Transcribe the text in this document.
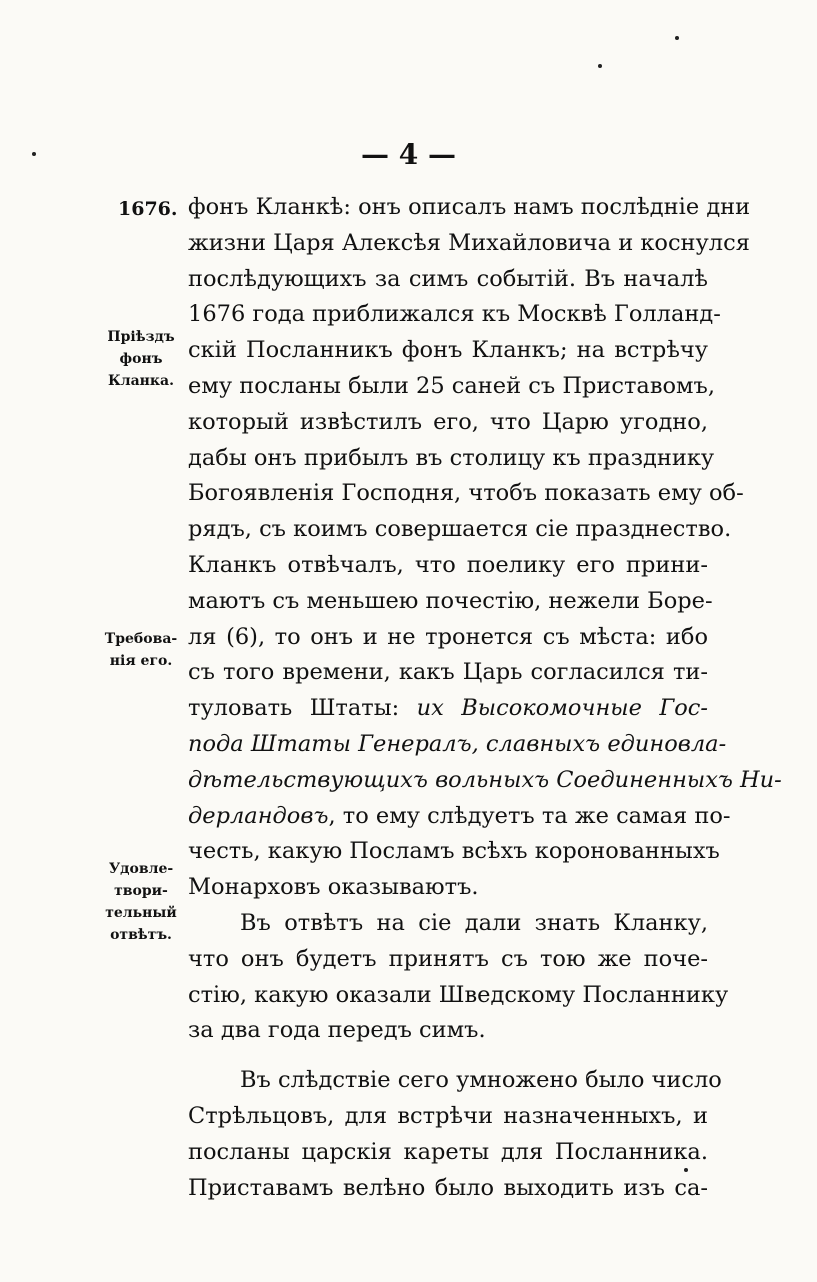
— 4 —
1676.
Прiѣздъ
фонъ
Кланка.
Требова-
нія его.
Удовле-
твори-
тельный
отвѣтъ.
фонъ Кланкѣ: онъ описалъ намъ послѣдніе дни
жизни Царя Алексѣя Михайловича и коснулся
послѣдующихъ за симъ событій. Въ началѣ
1676 года приближался къ Москвѣ Голланд-
скій Посланникъ фонъ Кланкъ; на встрѣчу
ему посланы были 25 саней съ Приставомъ,
который извѣстилъ его, что Царю угодно,
дабы онъ прибылъ въ столицу къ празднику
Богоявленія Господня, чтобъ показать ему об-
рядъ, съ коимъ совершается сіе празднество.
Кланкъ отвѣчалъ, что поелику его прини-
маютъ съ меньшею почестію, нежели Боре-
ля (6), то онъ и не тронется съ мѣста: ибо
съ того времени, какъ Царь согласился ти-
туловать Штаты: их Высокомочные Гос-
пода Штаты Генералъ, славныхъ единовла-
дѣтельствующихъ вольныхъ Соединенныхъ Ни-
дерландовъ, то ему слѣдуетъ та же самая по-
честь, какую Посламъ всѣхъ коронованныхъ
Монарховъ оказываютъ.
Въ отвѣтъ на сіе дали знать Кланку,
что онъ будетъ принятъ съ тою же поче-
стію, какую оказали Шведскому Посланнику
за два года передъ симъ.
Въ слѣдствіе сего умножено было число
Стрѣльцовъ, для встрѣчи назначенныхъ, и
посланы царскія кареты для Посланника.
Приставамъ велѣно было выходить изъ са-
